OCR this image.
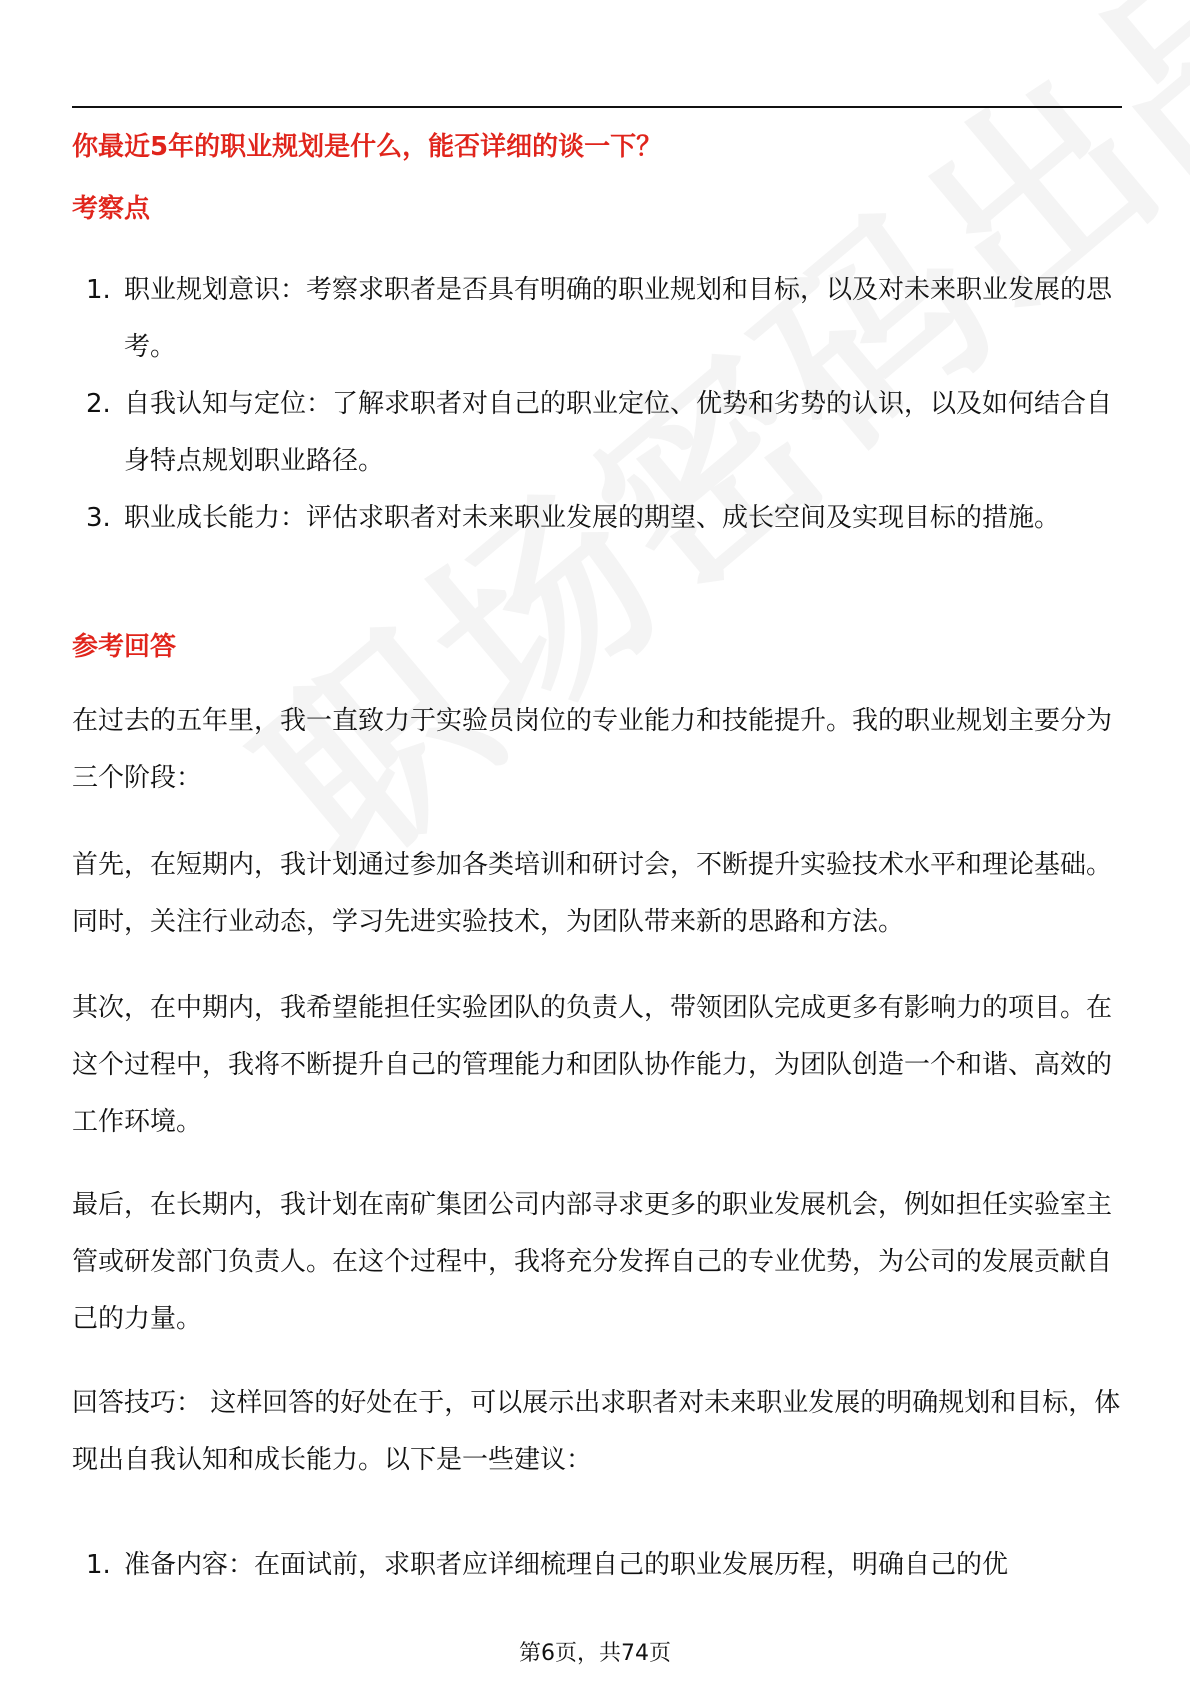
你最近5年的职业规划是什么，能否详细的谈一下？
考察点
1. 职业规划意识：考察求职者是否具有明确的职业规划和目标，以及对未来职业发展的思考。
2. 自我认知与定位：了解求职者对自己的职业定位、优势和劣势的认识，以及如何结合自身特点规划职业路径。
3. 职业成长能力：评估求职者对未来职业发展的期望、成长空间及实现目标的措施。
参考回答

在过去的五年里，我一直致力于实验员岗位的专业能力和技能提升。我的职业规划主要分为三个阶段：

首先，在短期内，我计划通过参加各类培训和研讨会，不断提升实验技术水平和理论基础。同时，关注行业动态，学习先进实验技术，为团队带来新的思路和方法。

其次，在中期内，我希望能担任实验团队的负责人，带领团队完成更多有影响力的项目。在这个过程中，我将不断提升自己的管理能力和团队协作能力，为团队创造一个和谐、高效的工作环境。

最后，在长期内，我计划在南矿集团公司内部寻求更多的职业发展机会，例如担任实验室主管或研发部门负责人。在这个过程中，我将充分发挥自己的专业优势，为公司的发展贡献自己的力量。

回答技巧： 这样回答的好处在于，可以展示出求职者对未来职业发展的明确规划和目标，体现出自我认知和成长能力。以下是一些建议：

1. 准备内容：在面试前，求职者应详细梳理自己的职业发展历程，明确自己的优
第6页，共74页
